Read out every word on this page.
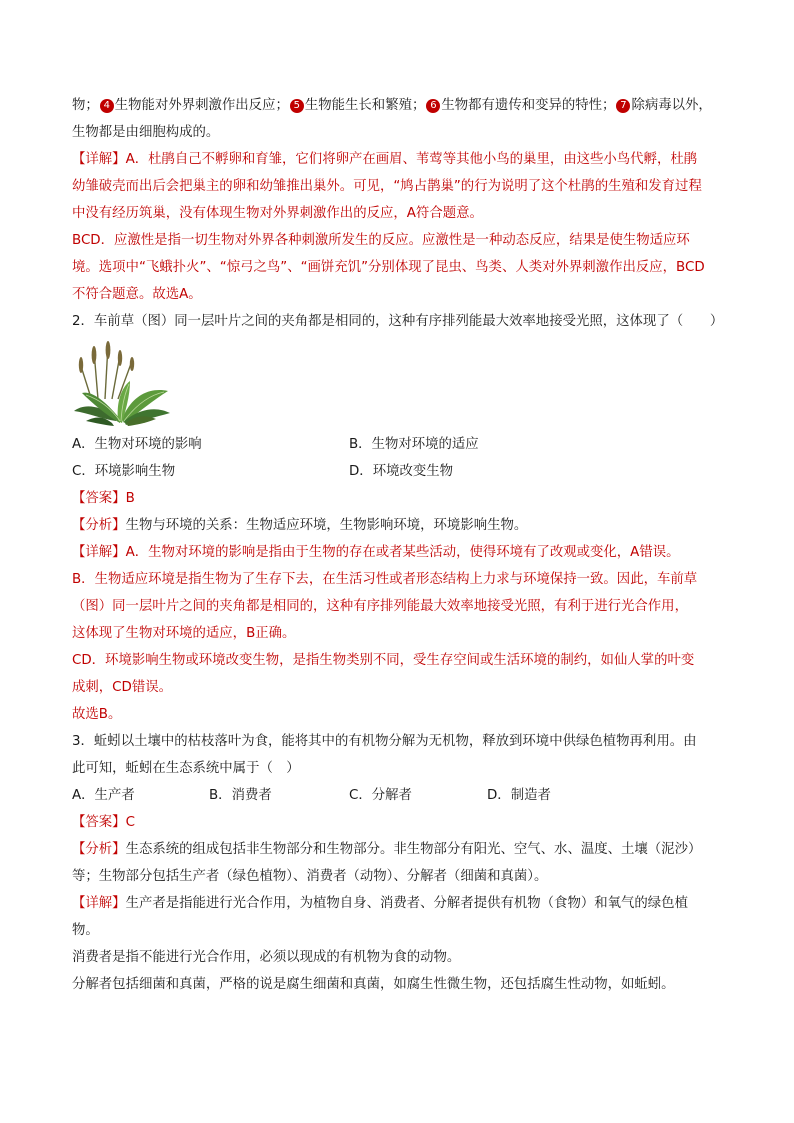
物； 4 生物能对外界刺激作出反应； 5 生物能生长和繁殖； 6 生物都有遗传和变异的特性； 7 除病毒以外，

生物都是由细胞构成的。

【详解】A．杜鹃自己不孵卵和育雏，它们将卵产在画眉、苇莺等其他小鸟的巢里，由这些小鸟代孵，杜鹃

幼雏破壳而出后会把巢主的卵和幼雏推出巢外。可见，“鸠占鹊巢”的行为说明了这个杜鹃的生殖和发育过程

中没有经历筑巢，没有体现生物对外界刺激作出的反应，A符合题意。

BCD．应激性是指一切生物对外界各种刺激所发生的反应。应激性是一种动态反应，结果是使生物适应环

境。选项中“飞蛾扑火”、“惊弓之鸟”、“画饼充饥”分别体现了昆虫、鸟类、人类对外界刺激作出反应，BCD

不符合题意。故选A。

2．车前草（图）同一层叶片之间的夹角都是相同的，这种有序排列能最大效率地接受光照，这体现了（　　）

A．生物对环境的影响	B．生物对环境的适应
C．环境影响生物	D．环境改变生物

【答案】B

【分析】生物与环境的关系：生物适应环境，生物影响环境，环境影响生物。

【详解】A．生物对环境的影响是指由于生物的存在或者某些活动，使得环境有了改观或变化，A错误。

B．生物适应环境是指生物为了生存下去，在生活习性或者形态结构上力求与环境保持一致。因此，车前草

（图）同一层叶片之间的夹角都是相同的，这种有序排列能最大效率地接受光照，有利于进行光合作用，

这体现了生物对环境的适应，B正确。

CD．环境影响生物或环境改变生物，是指生物类别不同，受生存空间或生活环境的制约，如仙人掌的叶变

成刺，CD错误。

故选B。

3．蚯蚓以土壤中的枯枝落叶为食，能将其中的有机物分解为无机物，释放到环境中供绿色植物再利用。由

此可知，蚯蚓在生态系统中属于（　）

A．生产者	B．消费者	C．分解者	D．制造者

【答案】C

【分析】生态系统的组成包括非生物部分和生物部分。非生物部分有阳光、空气、水、温度、土壤（泥沙）

等；生物部分包括生产者（绿色植物）、消费者（动物）、分解者（细菌和真菌）。

【详解】生产者是指能进行光合作用，为植物自身、消费者、分解者提供有机物（食物）和氧气的绿色植

物。

消费者是指不能进行光合作用，必须以现成的有机物为食的动物。

分解者包括细菌和真菌，严格的说是腐生细菌和真菌，如腐生性微生物，还包括腐生性动物，如蚯蚓。
